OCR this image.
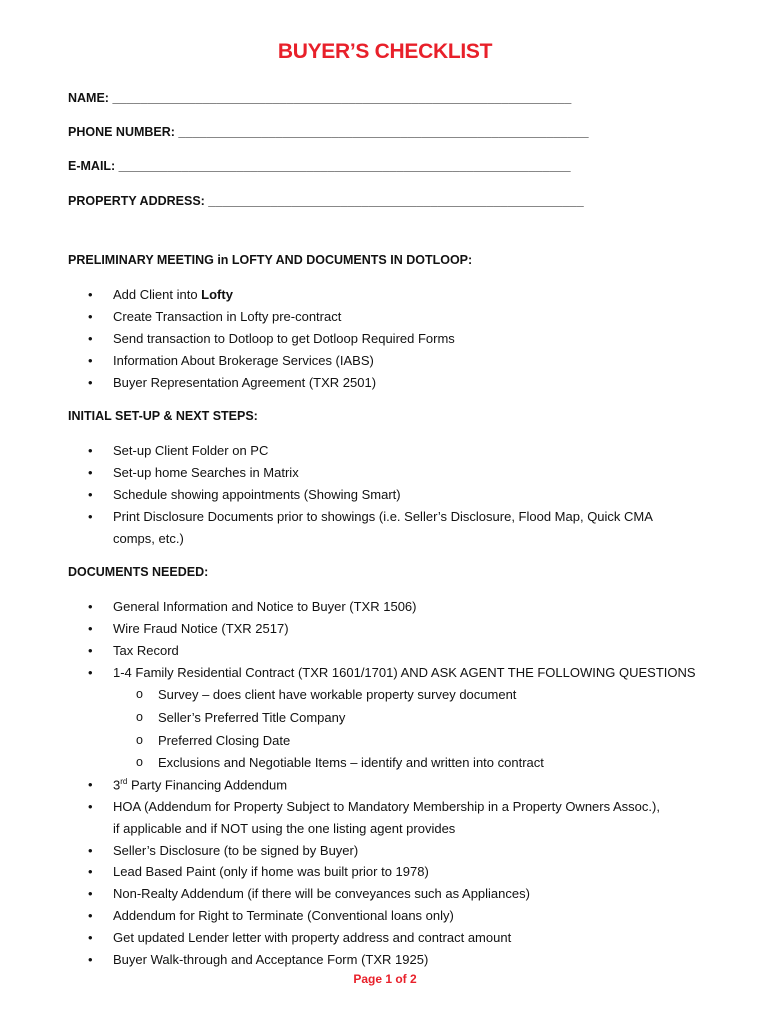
BUYER’S CHECKLIST
NAME: __________________________________________________________________
PHONE NUMBER: ___________________________________________________________
E-MAIL: _________________________________________________________________
PROPERTY ADDRESS: ______________________________________________________
PRELIMINARY MEETING in LOFTY AND DOCUMENTS IN DOTLOOP:
• Add Client into Lofty
• Create Transaction in Lofty pre-contract
• Send transaction to Dotloop to get Dotloop Required Forms
• Information About Brokerage Services (IABS)
• Buyer Representation Agreement (TXR 2501)
INITIAL SET-UP & NEXT STEPS:
• Set-up Client Folder on PC
• Set-up home Searches in Matrix
• Schedule showing appointments (Showing Smart)
• Print Disclosure Documents prior to showings (i.e. Seller’s Disclosure, Flood Map, Quick CMA
comps, etc.)
DOCUMENTS NEEDED:
• General Information and Notice to Buyer (TXR 1506)
• Wire Fraud Notice (TXR 2517)
• Tax Record
• 1-4 Family Residential Contract (TXR 1601/1701) AND ASK AGENT THE FOLLOWING QUESTIONS
o Survey – does client have workable property survey document
o Seller’s Preferred Title Company
o Preferred Closing Date
o Exclusions and Negotiable Items – identify and written into contract
• 3rd Party Financing Addendum
• HOA (Addendum for Property Subject to Mandatory Membership in a Property Owners Assoc.),
if applicable and if NOT using the one listing agent provides
• Seller’s Disclosure (to be signed by Buyer)
• Lead Based Paint (only if home was built prior to 1978)
• Non-Realty Addendum (if there will be conveyances such as Appliances)
• Addendum for Right to Terminate (Conventional loans only)
• Get updated Lender letter with property address and contract amount
• Buyer Walk-through and Acceptance Form (TXR 1925)
Page 1 of 2
